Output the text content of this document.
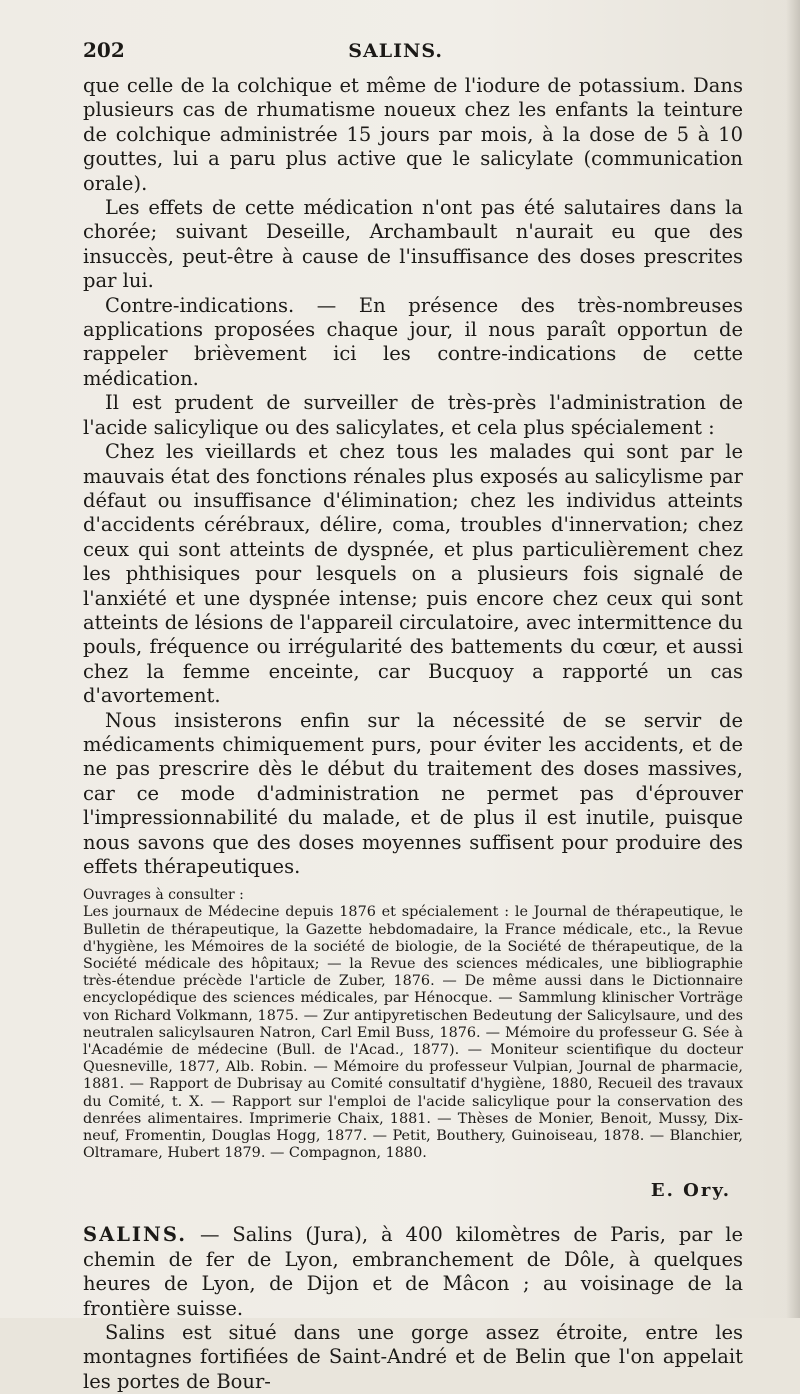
202	SALINS.

que celle de la colchique et même de l'iodure de potassium. Dans plusieurs cas de rhumatisme noueux chez les enfants la teinture de colchique administrée 15 jours par mois, à la dose de 5 à 10 gouttes, lui a paru plus active que le salicylate (communication orale).

Les effets de cette médication n'ont pas été salutaires dans la chorée; suivant Deseille, Archambault n'aurait eu que des insuccès, peut-être à cause de l'insuffisance des doses prescrites par lui.

Contre-indications. — En présence des très-nombreuses applications proposées chaque jour, il nous paraît opportun de rappeler brièvement ici les contre-indications de cette médication.

Il est prudent de surveiller de très-près l'administration de l'acide salicylique ou des salicylates, et cela plus spécialement :

Chez les vieillards et chez tous les malades qui sont par le mauvais état des fonctions rénales plus exposés au salicylisme par défaut ou insuffisance d'élimination; chez les individus atteints d'accidents cérébraux, délire, coma, troubles d'innervation; chez ceux qui sont atteints de dyspnée, et plus particulièrement chez les phthisiques pour lesquels on a plusieurs fois signalé de l'anxiété et une dyspnée intense; puis encore chez ceux qui sont atteints de lésions de l'appareil circulatoire, avec intermittence du pouls, fréquence ou irrégularité des battements du cœur, et aussi chez la femme enceinte, car Bucquoy a rapporté un cas d'avortement.

Nous insisterons enfin sur la nécessité de se servir de médicaments chimiquement purs, pour éviter les accidents, et de ne pas prescrire dès le début du traitement des doses massives, car ce mode d'administration ne permet pas d'éprouver l'impressionnabilité du malade, et de plus il est inutile, puisque nous savons que des doses moyennes suffisent pour produire des effets thérapeutiques.

Ouvrages à consulter :

Les journaux de Médecine depuis 1876 et spécialement : le Journal de thérapeutique, le Bulletin de thérapeutique, la Gazette hebdomadaire, la France médicale, etc., la Revue d'hygiène, les Mémoires de la société de biologie, de la Société de thérapeutique, de la Société médicale des hôpitaux; — la Revue des sciences médicales, une bibliographie très-étendue précède l'article de Zuber, 1876. — De même aussi dans le Dictionnaire encyclopédique des sciences médicales, par Hénocque. — Sammlung klinischer Vorträge von Richard Volkmann, 1875. — Zur antipyretischen Bedeutung der Salicylsaure, und des neutralen salicylsauren Natron, Carl Emil Buss, 1876. — Mémoire du professeur G. Sée à l'Académie de médecine (Bull. de l'Acad., 1877). — Moniteur scientifique du docteur Quesneville, 1877, Alb. Robin. — Mémoire du professeur Vulpian, Journal de pharmacie, 1881. — Rapport de Dubrisay au Comité consultatif d'hygiène, 1880, Recueil des travaux du Comité, t. X. — Rapport sur l'emploi de l'acide salicylique pour la conservation des denrées alimentaires. Imprimerie Chaix, 1881. — Thèses de Monier, Benoit, Mussy, Dix-neuf, Fromentin, Douglas Hogg, 1877. — Petit, Bouthery, Guinoiseau, 1878. — Blanchier, Oltramare, Hubert 1879. — Compagnon, 1880.

E. Ory.

SALINS. — Salins (Jura), à 400 kilomètres de Paris, par le chemin de fer de Lyon, embranchement de Dôle, à quelques heures de Lyon, de Dijon et de Mâcon ; au voisinage de la frontière suisse.

Salins est situé dans une gorge assez étroite, entre les montagnes fortifiées de Saint-André et de Belin que l'on appelait les portes de Bour-
